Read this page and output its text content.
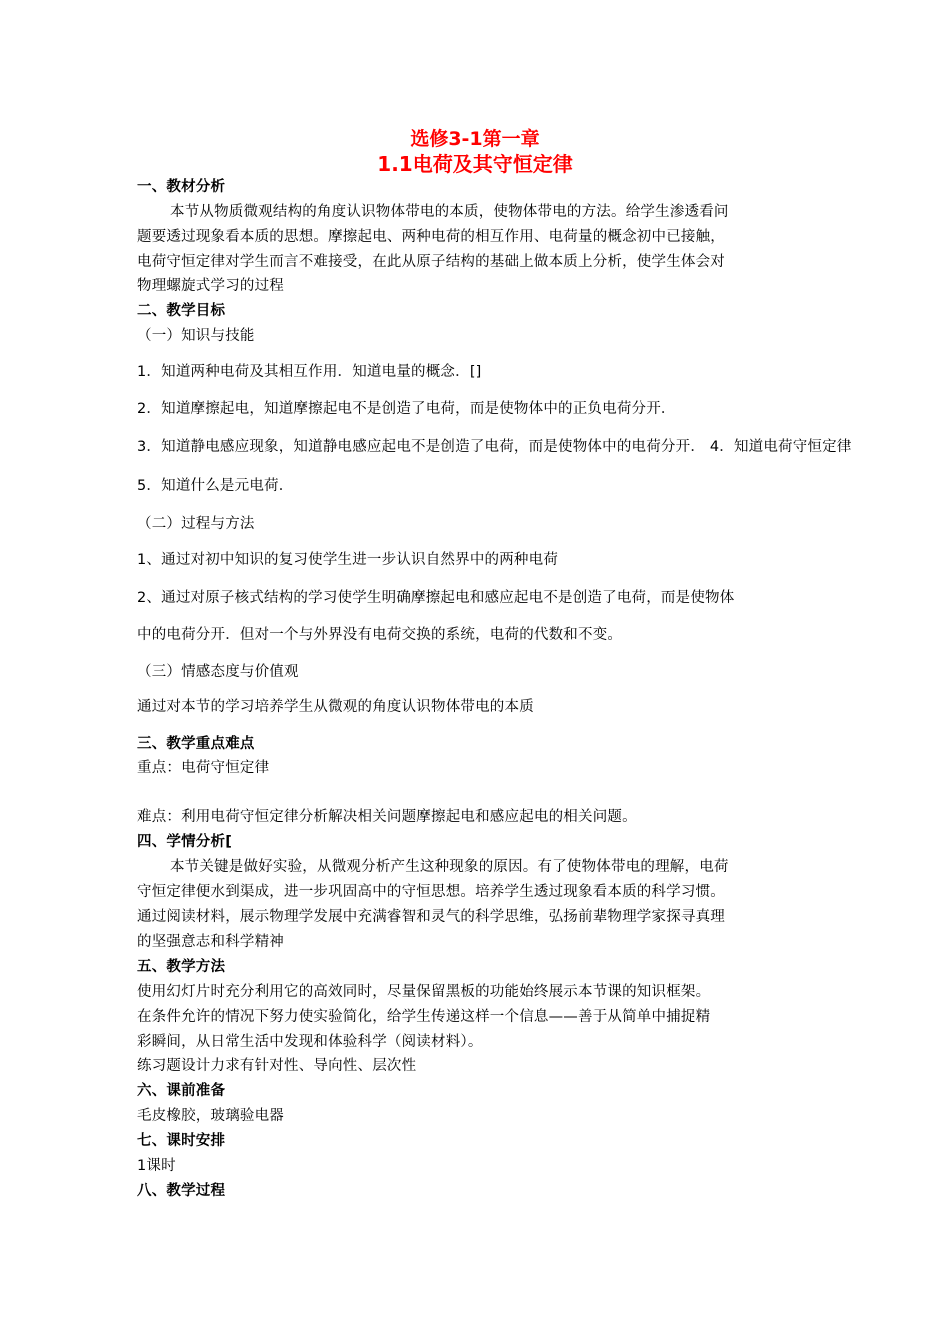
选修3-1第一章
1.1电荷及其守恒定律
一、教材分析
本节从物质微观结构的角度认识物体带电的本质，使物体带电的方法。给学生渗透看问
题要透过现象看本质的思想。摩擦起电、两种电荷的相互作用、电荷量的概念初中已接触，
电荷守恒定律对学生而言不难接受，在此从原子结构的基础上做本质上分析，使学生体会对
物理螺旋式学习的过程
二、教学目标
（一）知识与技能
1．知道两种电荷及其相互作用．知道电量的概念．[]
2．知道摩擦起电，知道摩擦起电不是创造了电荷，而是使物体中的正负电荷分开．
3．知道静电感应现象，知道静电感应起电不是创造了电荷，而是使物体中的电荷分开． 4．知道电荷守恒定律
5．知道什么是元电荷．
（二）过程与方法
1、通过对初中知识的复习使学生进一步认识自然界中的两种电荷
2、通过对原子核式结构的学习使学生明确摩擦起电和感应起电不是创造了电荷，而是使物体
中的电荷分开．但对一个与外界没有电荷交换的系统，电荷的代数和不变。
（三）情感态度与价值观
通过对本节的学习培养学生从微观的角度认识物体带电的本质
三、教学重点难点
重点：电荷守恒定律
难点：利用电荷守恒定律分析解决相关问题摩擦起电和感应起电的相关问题。
四、学情分析[
本节关键是做好实验，从微观分析产生这种现象的原因。有了使物体带电的理解，电荷
守恒定律便水到渠成，进一步巩固高中的守恒思想。培养学生透过现象看本质的科学习惯。
通过阅读材料，展示物理学发展中充满睿智和灵气的科学思维，弘扬前辈物理学家探寻真理
的坚强意志和科学精神
五、教学方法
使用幻灯片时充分利用它的高效同时，尽量保留黑板的功能始终展示本节课的知识框架。
在条件允许的情况下努力使实验简化，给学生传递这样一个信息——善于从简单中捕捉精
彩瞬间，从日常生活中发现和体验科学（阅读材料）。
练习题设计力求有针对性、导向性、层次性
六、课前准备
毛皮橡胶，玻璃验电器
七、课时安排
1课时
八、教学过程
